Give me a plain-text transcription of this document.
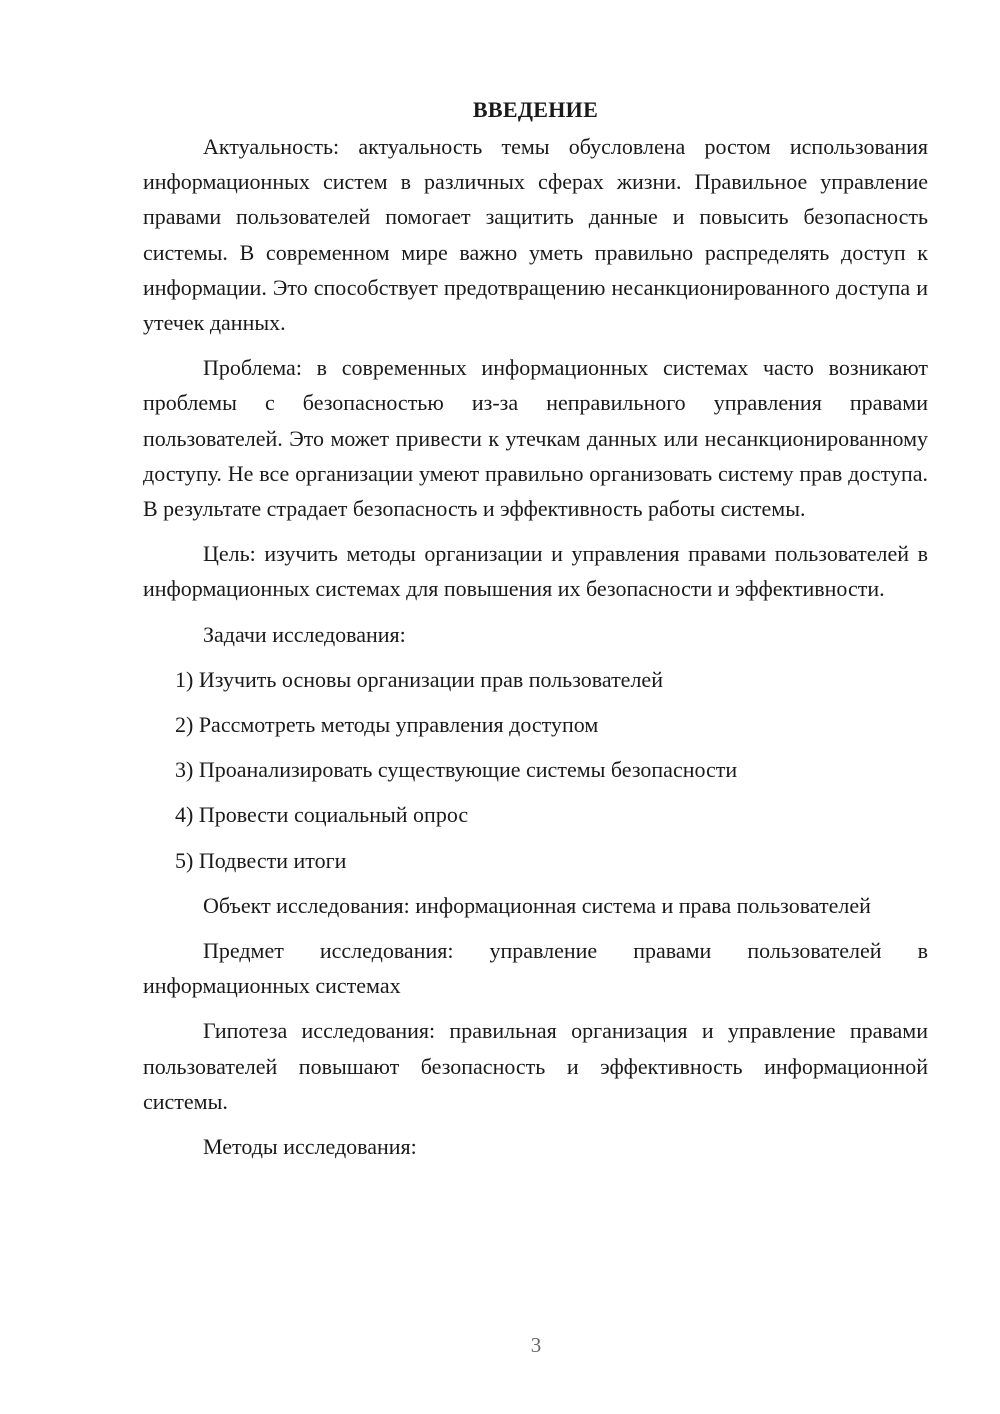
ВВЕДЕНИЕ

Актуальность: актуальность темы обусловлена ростом использования информационных систем в различных сферах жизни. Правильное управление правами пользователей помогает защитить данные и повысить безопасность системы. В современном мире важно уметь правильно распределять доступ к информации. Это способствует предотвращению несанкционированного доступа и утечек данных.

Проблема: в современных информационных системах часто возникают проблемы с безопасностью из-за неправильного управления правами пользователей. Это может привести к утечкам данных или несанкционированному доступу. Не все организации умеют правильно организовать систему прав доступа. В результате страдает безопасность и эффективность работы системы.

Цель: изучить методы организации и управления правами пользователей в информационных системах для повышения их безопасности и эффективности.

Задачи исследования:

1) Изучить основы организации прав пользователей

2) Рассмотреть методы управления доступом

3) Проанализировать существующие системы безопасности

4) Провести социальный опрос

5) Подвести итоги

Объект исследования: информационная система и права пользователей

Предмет исследования: управление правами пользователей в информационных системах

Гипотеза исследования: правильная организация и управление правами пользователей повышают безопасность и эффективность информационной системы.

Методы исследования:

3
